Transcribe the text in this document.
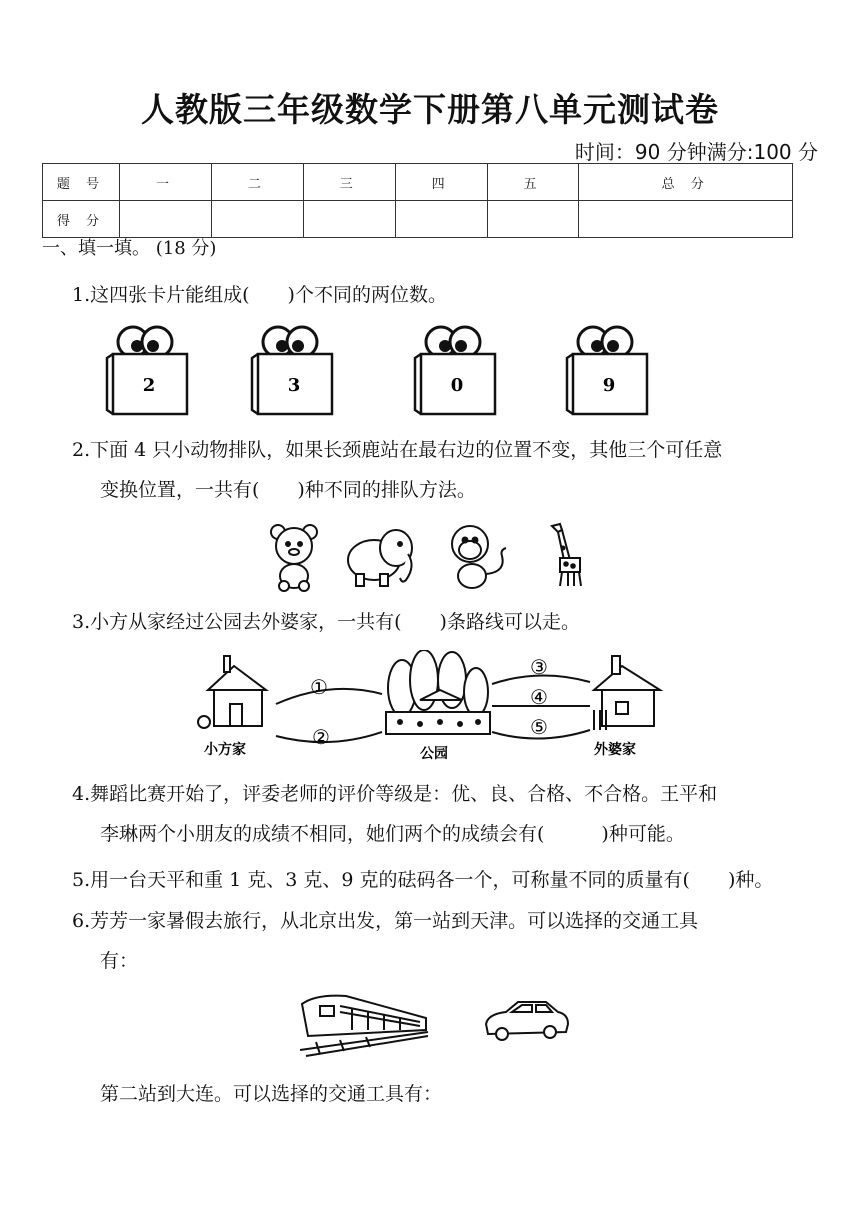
人教版三年级数学下册第八单元测试卷
时间：90 分钟满分:100 分
题 号	一	二	三	四	五	总 分
得 分						
一、填一填。 (18 分)
1.这四张卡片能组成(　　)个不同的两位数。
2	3	0	9
2.下面 4 只小动物排队，如果长颈鹿站在最右边的位置不变，其他三个可任意
变换位置，一共有(　　)种不同的排队方法。
3.小方从家经过公园去外婆家，一共有(　　)条路线可以走。
小方家
①
②
公园
③
④
⑤
外婆家
4.舞蹈比赛开始了，评委老师的评价等级是：优、良、合格、不合格。王平和
李琳两个小朋友的成绩不相同，她们两个的成绩会有(　　　)种可能。
5.用一台天平和重 1 克、3 克、9 克的砝码各一个，可称量不同的质量有(　　)种。
6.芳芳一家暑假去旅行，从北京出发，第一站到天津。可以选择的交通工具
有：
第二站到大连。可以选择的交通工具有：
